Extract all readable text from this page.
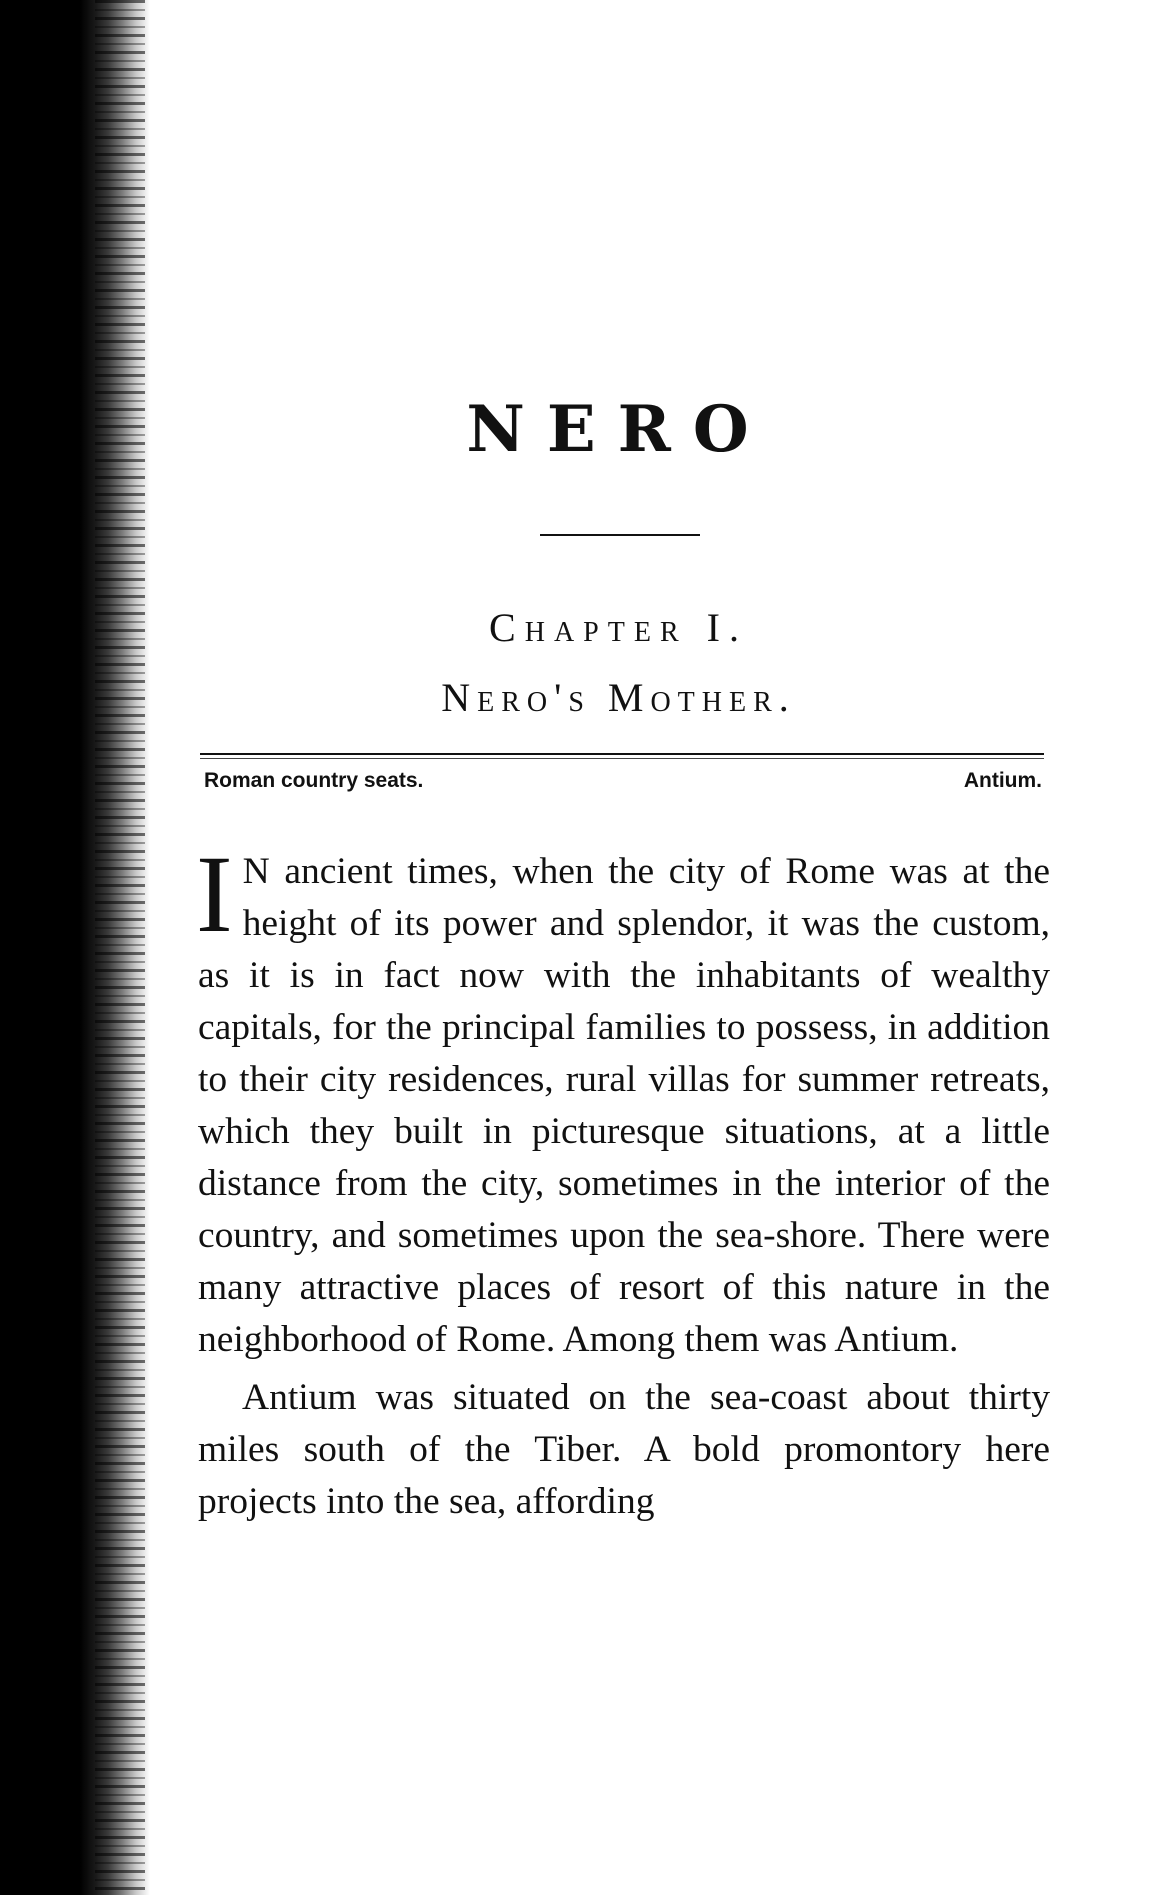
NERO
Chapter I.
Nero's Mother.
Roman country seats.	Antium.

I N ancient times, when the city of Rome was at the height of its power and splendor, it was the custom, as it is in fact now with the inhabitants of wealthy capitals, for the principal families to possess, in addition to their city residences, rural villas for summer retreats, which they built in picturesque situations, at a little distance from the city, sometimes in the interior of the country, and sometimes upon the sea-shore. There were many attractive places of resort of this nature in the neighborhood of Rome. Among them was Antium.

Antium was situated on the sea-coast about thirty miles south of the Tiber. A bold promontory here projects into the sea, affording
